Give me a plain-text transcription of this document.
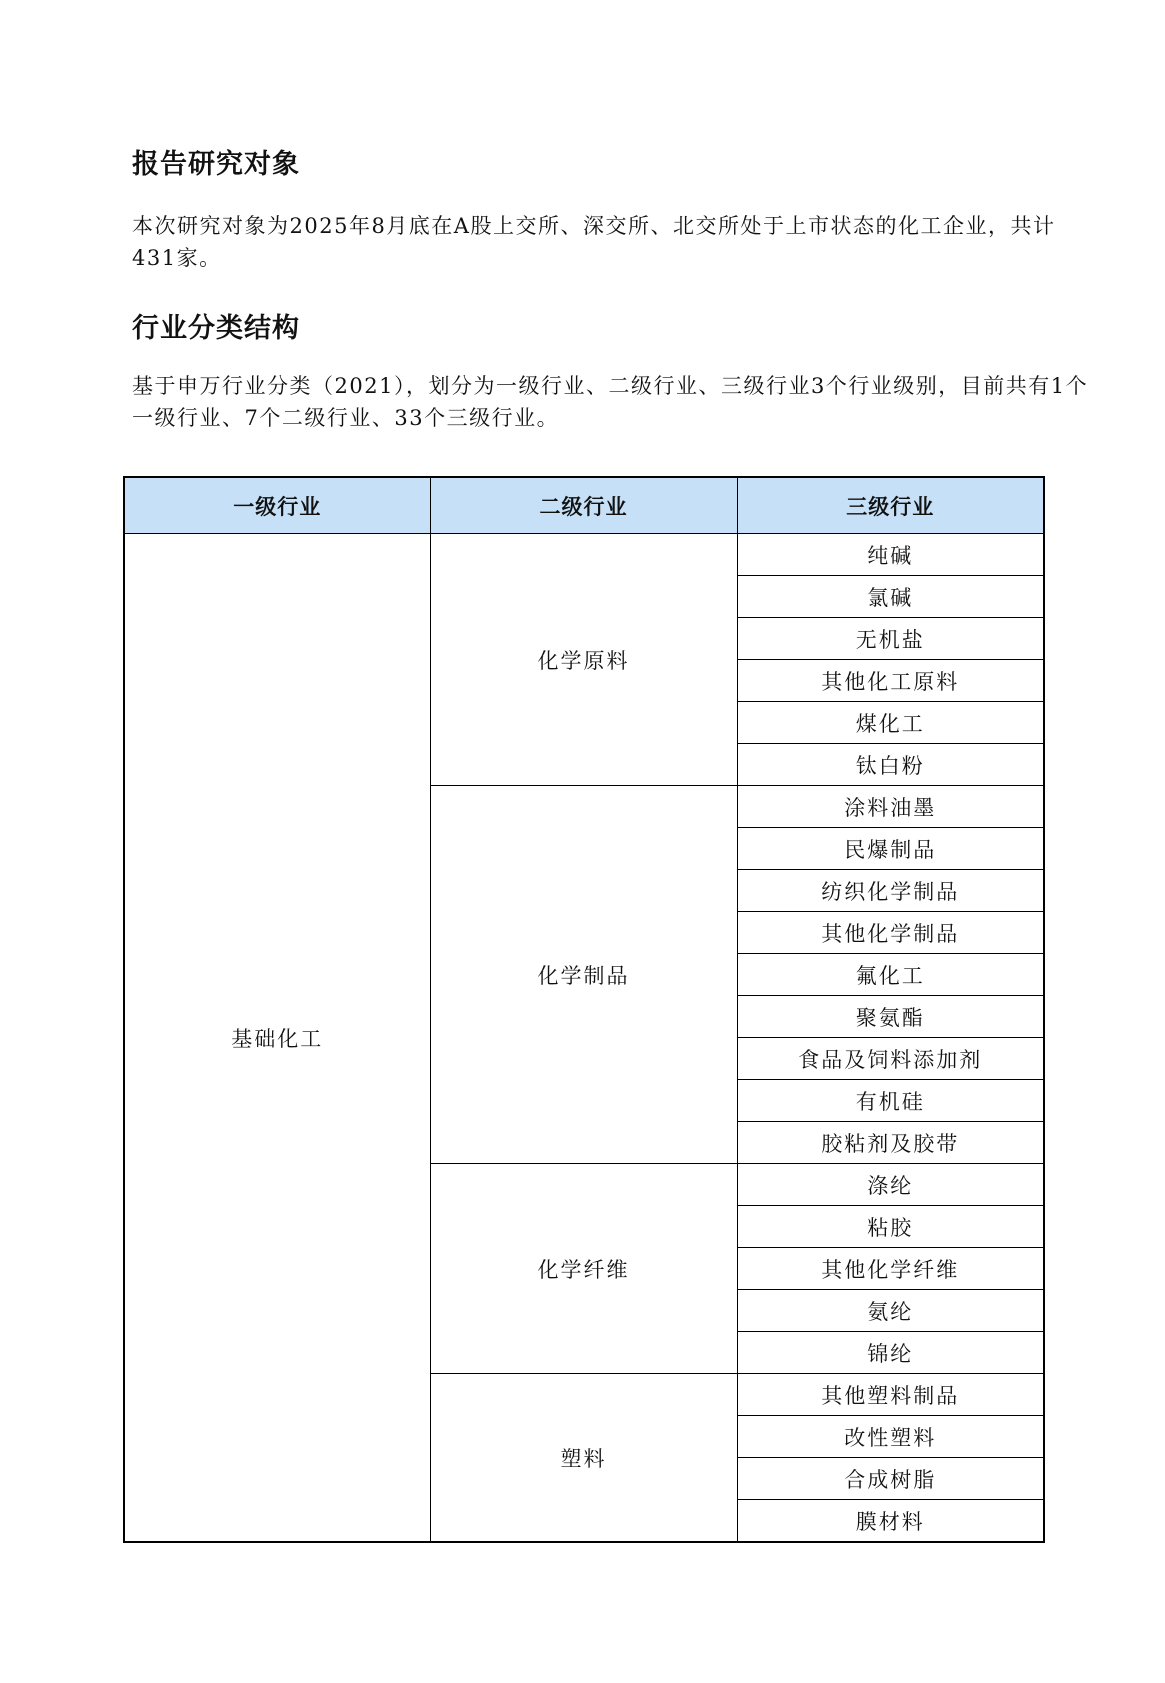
报告研究对象

本次研究对象为2025年8月底在A股上交所、深交所、北交所处于上市状态的化工企业，共计431家。

行业分类结构

基于申万行业分类（2021），划分为一级行业、二级行业、三级行业3个行业级别，目前共有1个一级行业、7个二级行业、33个三级行业。

一级行业	二级行业	三级行业
基础化工	化学原料	纯碱
		氯碱
		无机盐
		其他化工原料
		煤化工
		钛白粉
	化学制品	涂料油墨
		民爆制品
		纺织化学制品
		其他化学制品
		氟化工
		聚氨酯
		食品及饲料添加剂
		有机硅
		胶粘剂及胶带
	化学纤维	涤纶
		粘胶
		其他化学纤维
		氨纶
		锦纶
	塑料	其他塑料制品
		改性塑料
		合成树脂
		膜材料
